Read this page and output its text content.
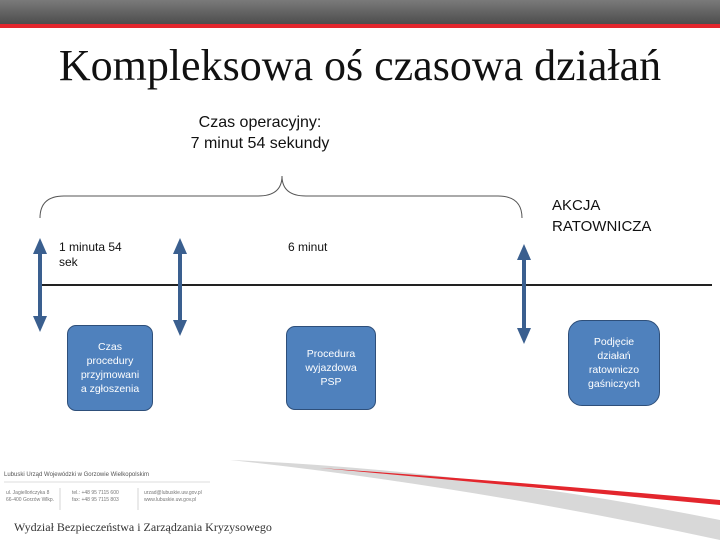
Kompleksowa oś czasowa działań
Czas operacyjny:
7 minut 54 sekundy
AKCJA
RATOWNICZA
1 minuta 54 sek
6 minut
Czas
procedury
przyjmowani
a zgłoszenia
Procedura
wyjazdowa
PSP
Podjęcie
działań
ratowniczo
gaśniczych
Lubuski Urząd Wojewódzki w Gorzowie Wielkopolskim
ul. Jagiellończyka 8
66-400 Gorzów Wlkp.
tel.: +48 95 7115 600
fax: +48 95 7115 803
urzad@lubuskie.uw.gov.pl
www.lubuskie.uw.gov.pl
Wydział Bezpieczeństwa i Zarządzania Kryzysowego
